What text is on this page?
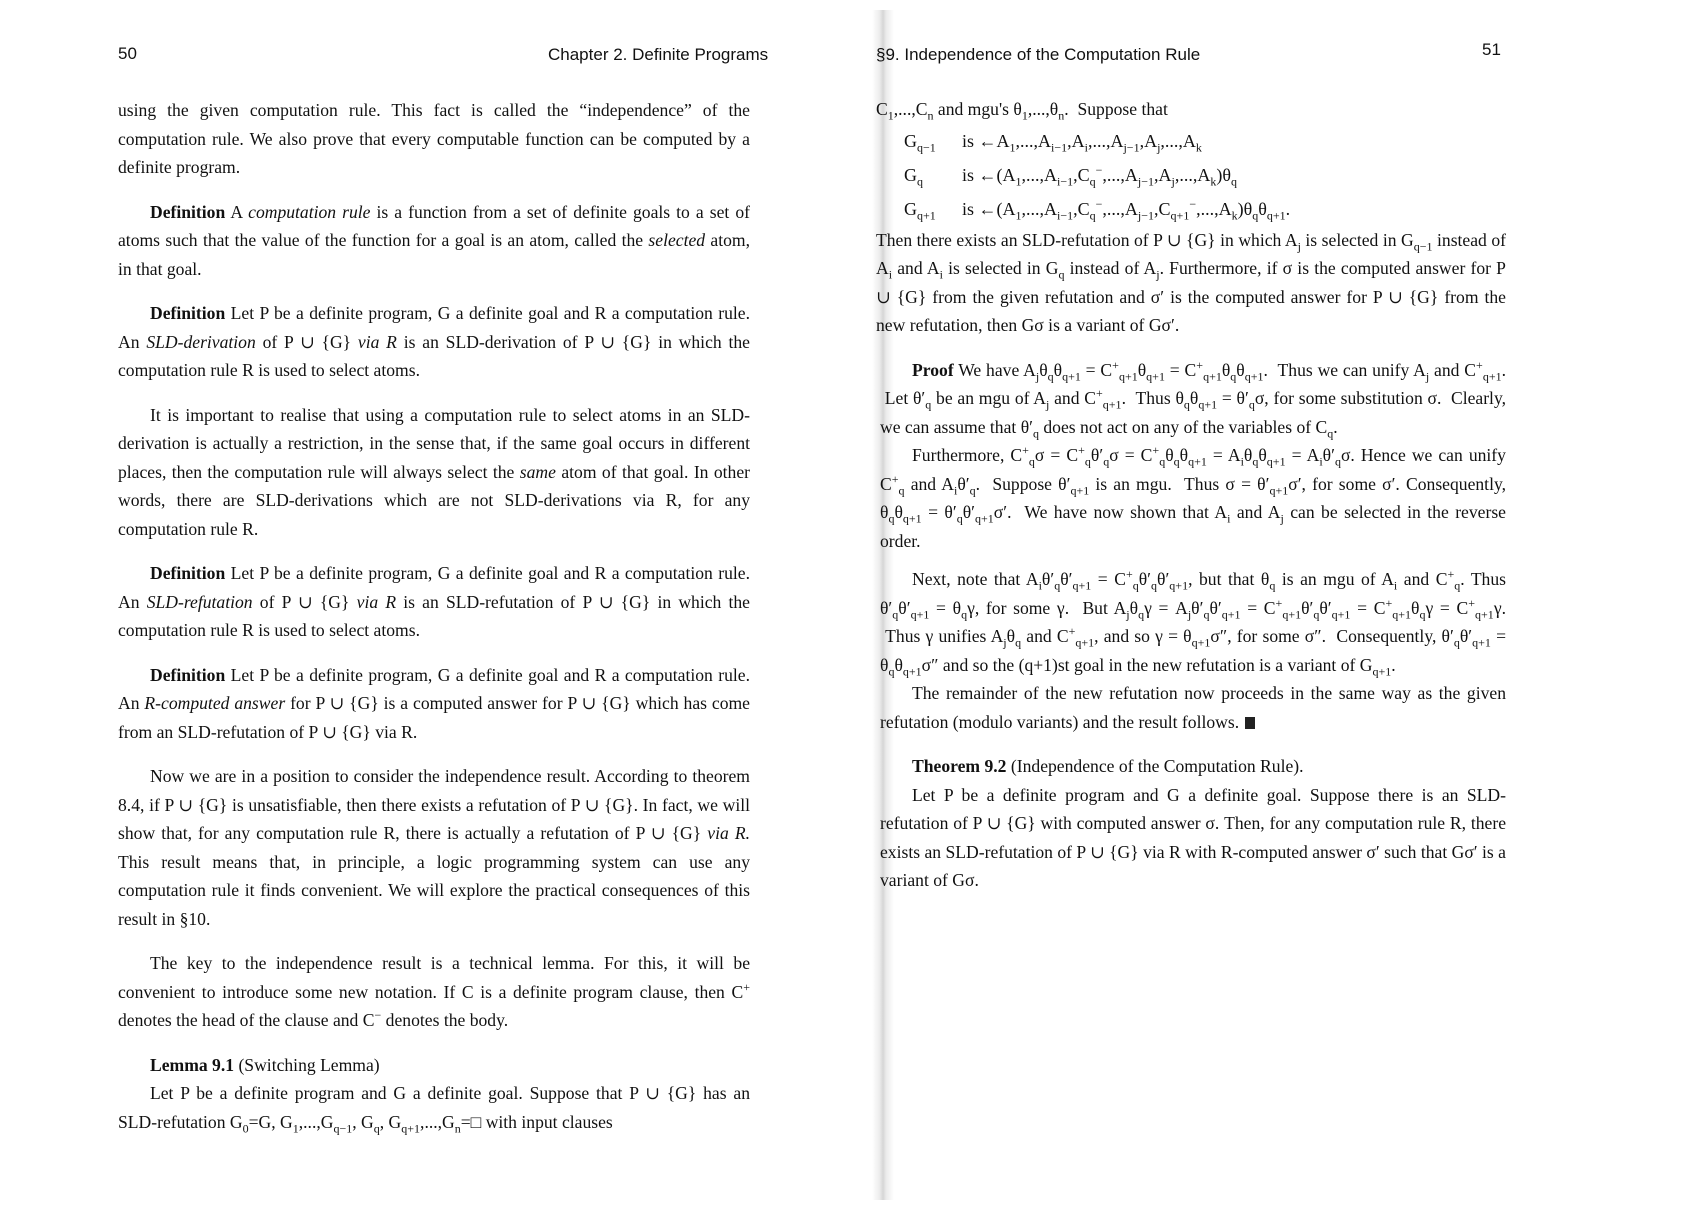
50	Chapter 2. Definite Programs

using the given computation rule. This fact is called the “independence” of the computation rule. We also prove that every computable function can be computed by a definite program.

Definition A computation rule is a function from a set of definite goals to a set of atoms such that the value of the function for a goal is an atom, called the selected atom, in that goal.

Definition Let P be a definite program, G a definite goal and R a computation rule. An SLD-derivation of P ∪ {G} via R is an SLD-derivation of P ∪ {G} in which the computation rule R is used to select atoms.

It is important to realise that using a computation rule to select atoms in an SLD-derivation is actually a restriction, in the sense that, if the same goal occurs in different places, then the computation rule will always select the same atom of that goal. In other words, there are SLD-derivations which are not SLD-derivations via R, for any computation rule R.

Definition Let P be a definite program, G a definite goal and R a computation rule. An SLD-refutation of P ∪ {G} via R is an SLD-refutation of P ∪ {G} in which the computation rule R is used to select atoms.

Definition Let P be a definite program, G a definite goal and R a computation rule. An R-computed answer for P ∪ {G} is a computed answer for P ∪ {G} which has come from an SLD-refutation of P ∪ {G} via R.

Now we are in a position to consider the independence result. According to theorem 8.4, if P ∪ {G} is unsatisfiable, then there exists a refutation of P ∪ {G}. In fact, we will show that, for any computation rule R, there is actually a refutation of P ∪ {G} via R. This result means that, in principle, a logic programming system can use any computation rule it finds convenient. We will explore the practical consequences of this result in §10.

The key to the independence result is a technical lemma. For this, it will be convenient to introduce some new notation. If C is a definite program clause, then C+ denotes the head of the clause and C− denotes the body.

Lemma 9.1 (Switching Lemma)

Let P be a definite program and G a definite goal. Suppose that P ∪ {G} has an SLD-refutation $G_0=G$, $G_1,...,G_{q-1}$, $G_q$, $G_{q+1},...,G_n=□$ with input clauses

§9. Independence of the Computation Rule	51

$C_1,...,C_n$ and mgu's $\theta_1,...,\theta_n$.  Suppose that

$G_{q-1}$ is $\leftarrow A_1,...,A_{i-1},A_i,...,A_{j-1},A_j,...,A_k$
$G_q$ is $\leftarrow(A_1,...,A_{i-1},C_q^-,...,A_{j-1},A_j,...,A_k)\theta_q$
$G_{q+1}$ is $\leftarrow(A_1,...,A_{i-1},C_q^-,...,A_{j-1},C_{q+1}^-,...,A_k)\theta_q\theta_{q+1}$.

Then there exists an SLD-refutation of P ∪ {G} in which $A_j$ is selected in $G_{q-1}$ instead of $A_i$ and $A_i$ is selected in $G_q$ instead of $A_j$. Furthermore, if σ is the computed answer for P ∪ {G} from the given refutation and σ′ is the computed answer for P ∪ {G} from the new refutation, then Gσ is a variant of Gσ′.

Proof We have $A_j\theta_q\theta_{q+1} = C^+_{q+1}\theta_{q+1} = C^+_{q+1}\theta_q\theta_{q+1}$.  Thus we can unify $A_j$ and $C^+_{q+1}$.  Let $\theta'_q$ be an mgu of $A_j$ and $C^+_{q+1}$.  Thus $\theta_q\theta_{q+1} = \theta'_q\sigma$, for some substitution σ.  Clearly, we can assume that $\theta'_q$ does not act on any of the variables of $C_q$.

Furthermore, $C^+_q\sigma = C^+_q\theta'_q\sigma = C^+_q\theta_q\theta_{q+1} = A_i\theta_q\theta_{q+1} = A_i\theta'_q\sigma$. Hence we can unify $C^+_q$ and $A_i\theta'_q$.  Suppose $\theta'_{q+1}$ is an mgu.  Thus $\sigma = \theta'_{q+1}\sigma'$, for some σ′. Consequently, $\theta_q\theta_{q+1} = \theta'_q\theta'_{q+1}\sigma'$.  We have now shown that $A_i$ and $A_j$ can be selected in the reverse order.

Next, note that $A_i\theta'_q\theta'_{q+1} = C^+_q\theta'_q\theta'_{q+1}$, but that $\theta_q$ is an mgu of $A_i$ and $C^+_q$. Thus $\theta'_q\theta'_{q+1} = \theta_q\gamma$, for some γ.  But $A_j\theta_q\gamma = A_j\theta'_q\theta'_{q+1} = C^+_{q+1}\theta'_q\theta'_{q+1} = C^+_{q+1}\theta_q\gamma = C^+_{q+1}\gamma$.  Thus γ unifies $A_j\theta_q$ and $C^+_{q+1}$, and so $\gamma = \theta_{q+1}\sigma''$, for some σ″.  Consequently, $\theta'_q\theta'_{q+1} = \theta_q\theta_{q+1}\sigma''$ and so the (q+1)st goal in the new refutation is a variant of $G_{q+1}$.

The remainder of the new refutation now proceeds in the same way as the given refutation (modulo variants) and the result follows.

Theorem 9.2 (Independence of the Computation Rule).

Let P be a definite program and G a definite goal. Suppose there is an SLD-refutation of P ∪ {G} with computed answer σ. Then, for any computation rule R, there exists an SLD-refutation of P ∪ {G} via R with R-computed answer σ′ such that Gσ′ is a variant of Gσ.
